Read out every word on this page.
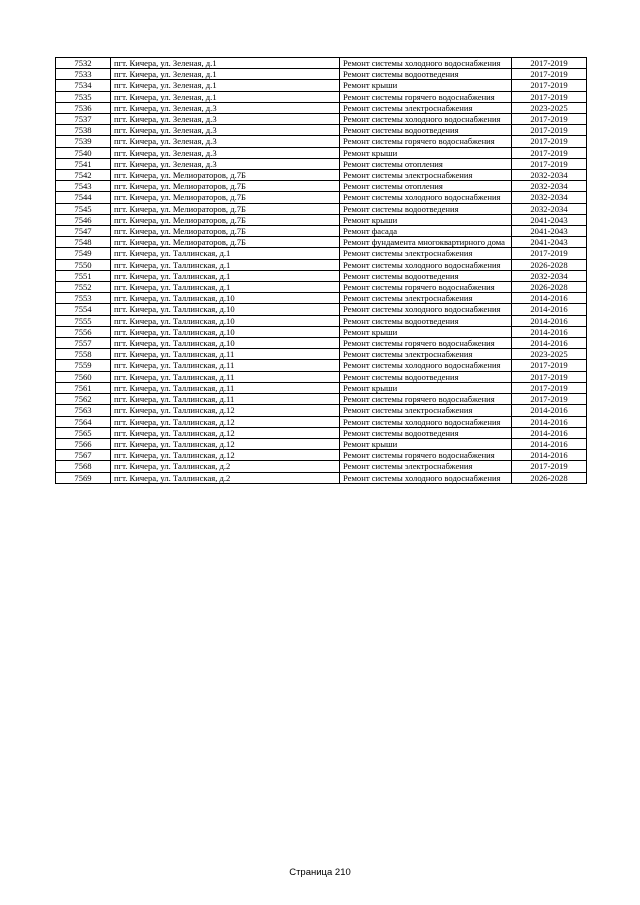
7532	пгт. Кичера, ул. Зеленая, д.1	Ремонт системы холодного водоснабжения	2017-2019
7533	пгт. Кичера, ул. Зеленая, д.1	Ремонт системы водоотведения	2017-2019
7534	пгт. Кичера, ул. Зеленая, д.1	Ремонт крыши	2017-2019
7535	пгт. Кичера, ул. Зеленая, д.1	Ремонт системы горячего водоснабжения	2017-2019
7536	пгт. Кичера, ул. Зеленая, д.3	Ремонт системы электроснабжения	2023-2025
7537	пгт. Кичера, ул. Зеленая, д.3	Ремонт системы холодного водоснабжения	2017-2019
7538	пгт. Кичера, ул. Зеленая, д.3	Ремонт системы водоотведения	2017-2019
7539	пгт. Кичера, ул. Зеленая, д.3	Ремонт системы горячего водоснабжения	2017-2019
7540	пгт. Кичера, ул. Зеленая, д.3	Ремонт крыши	2017-2019
7541	пгт. Кичера, ул. Зеленая, д.3	Ремонт системы отопления	2017-2019
7542	пгт. Кичера, ул. Мелиораторов, д.7Б	Ремонт системы электроснабжения	2032-2034
7543	пгт. Кичера, ул. Мелиораторов, д.7Б	Ремонт системы отопления	2032-2034
7544	пгт. Кичера, ул. Мелиораторов, д.7Б	Ремонт системы холодного водоснабжения	2032-2034
7545	пгт. Кичера, ул. Мелиораторов, д.7Б	Ремонт системы водоотведения	2032-2034
7546	пгт. Кичера, ул. Мелиораторов, д.7Б	Ремонт крыши	2041-2043
7547	пгт. Кичера, ул. Мелиораторов, д.7Б	Ремонт фасада	2041-2043
7548	пгт. Кичера, ул. Мелиораторов, д.7Б	Ремонт фундамента многоквартирного дома	2041-2043
7549	пгт. Кичера, ул. Таллинская, д.1	Ремонт системы электроснабжения	2017-2019
7550	пгт. Кичера, ул. Таллинская, д.1	Ремонт системы холодного водоснабжения	2026-2028
7551	пгт. Кичера, ул. Таллинская, д.1	Ремонт системы водоотведения	2032-2034
7552	пгт. Кичера, ул. Таллинская, д.1	Ремонт системы горячего водоснабжения	2026-2028
7553	пгт. Кичера, ул. Таллинская, д.10	Ремонт системы электроснабжения	2014-2016
7554	пгт. Кичера, ул. Таллинская, д.10	Ремонт системы холодного водоснабжения	2014-2016
7555	пгт. Кичера, ул. Таллинская, д.10	Ремонт системы водоотведения	2014-2016
7556	пгт. Кичера, ул. Таллинская, д.10	Ремонт крыши	2014-2016
7557	пгт. Кичера, ул. Таллинская, д.10	Ремонт системы горячего водоснабжения	2014-2016
7558	пгт. Кичера, ул. Таллинская, д.11	Ремонт системы электроснабжения	2023-2025
7559	пгт. Кичера, ул. Таллинская, д.11	Ремонт системы холодного водоснабжения	2017-2019
7560	пгт. Кичера, ул. Таллинская, д.11	Ремонт системы водоотведения	2017-2019
7561	пгт. Кичера, ул. Таллинская, д.11	Ремонт крыши	2017-2019
7562	пгт. Кичера, ул. Таллинская, д.11	Ремонт системы горячего водоснабжения	2017-2019
7563	пгт. Кичера, ул. Таллинская, д.12	Ремонт системы электроснабжения	2014-2016
7564	пгт. Кичера, ул. Таллинская, д.12	Ремонт системы холодного водоснабжения	2014-2016
7565	пгт. Кичера, ул. Таллинская, д.12	Ремонт системы водоотведения	2014-2016
7566	пгт. Кичера, ул. Таллинская, д.12	Ремонт крыши	2014-2016
7567	пгт. Кичера, ул. Таллинская, д.12	Ремонт системы горячего водоснабжения	2014-2016
7568	пгт. Кичера, ул. Таллинская, д.2	Ремонт системы электроснабжения	2017-2019
7569	пгт. Кичера, ул. Таллинская, д.2	Ремонт системы холодного водоснабжения	2026-2028
Страница 210
